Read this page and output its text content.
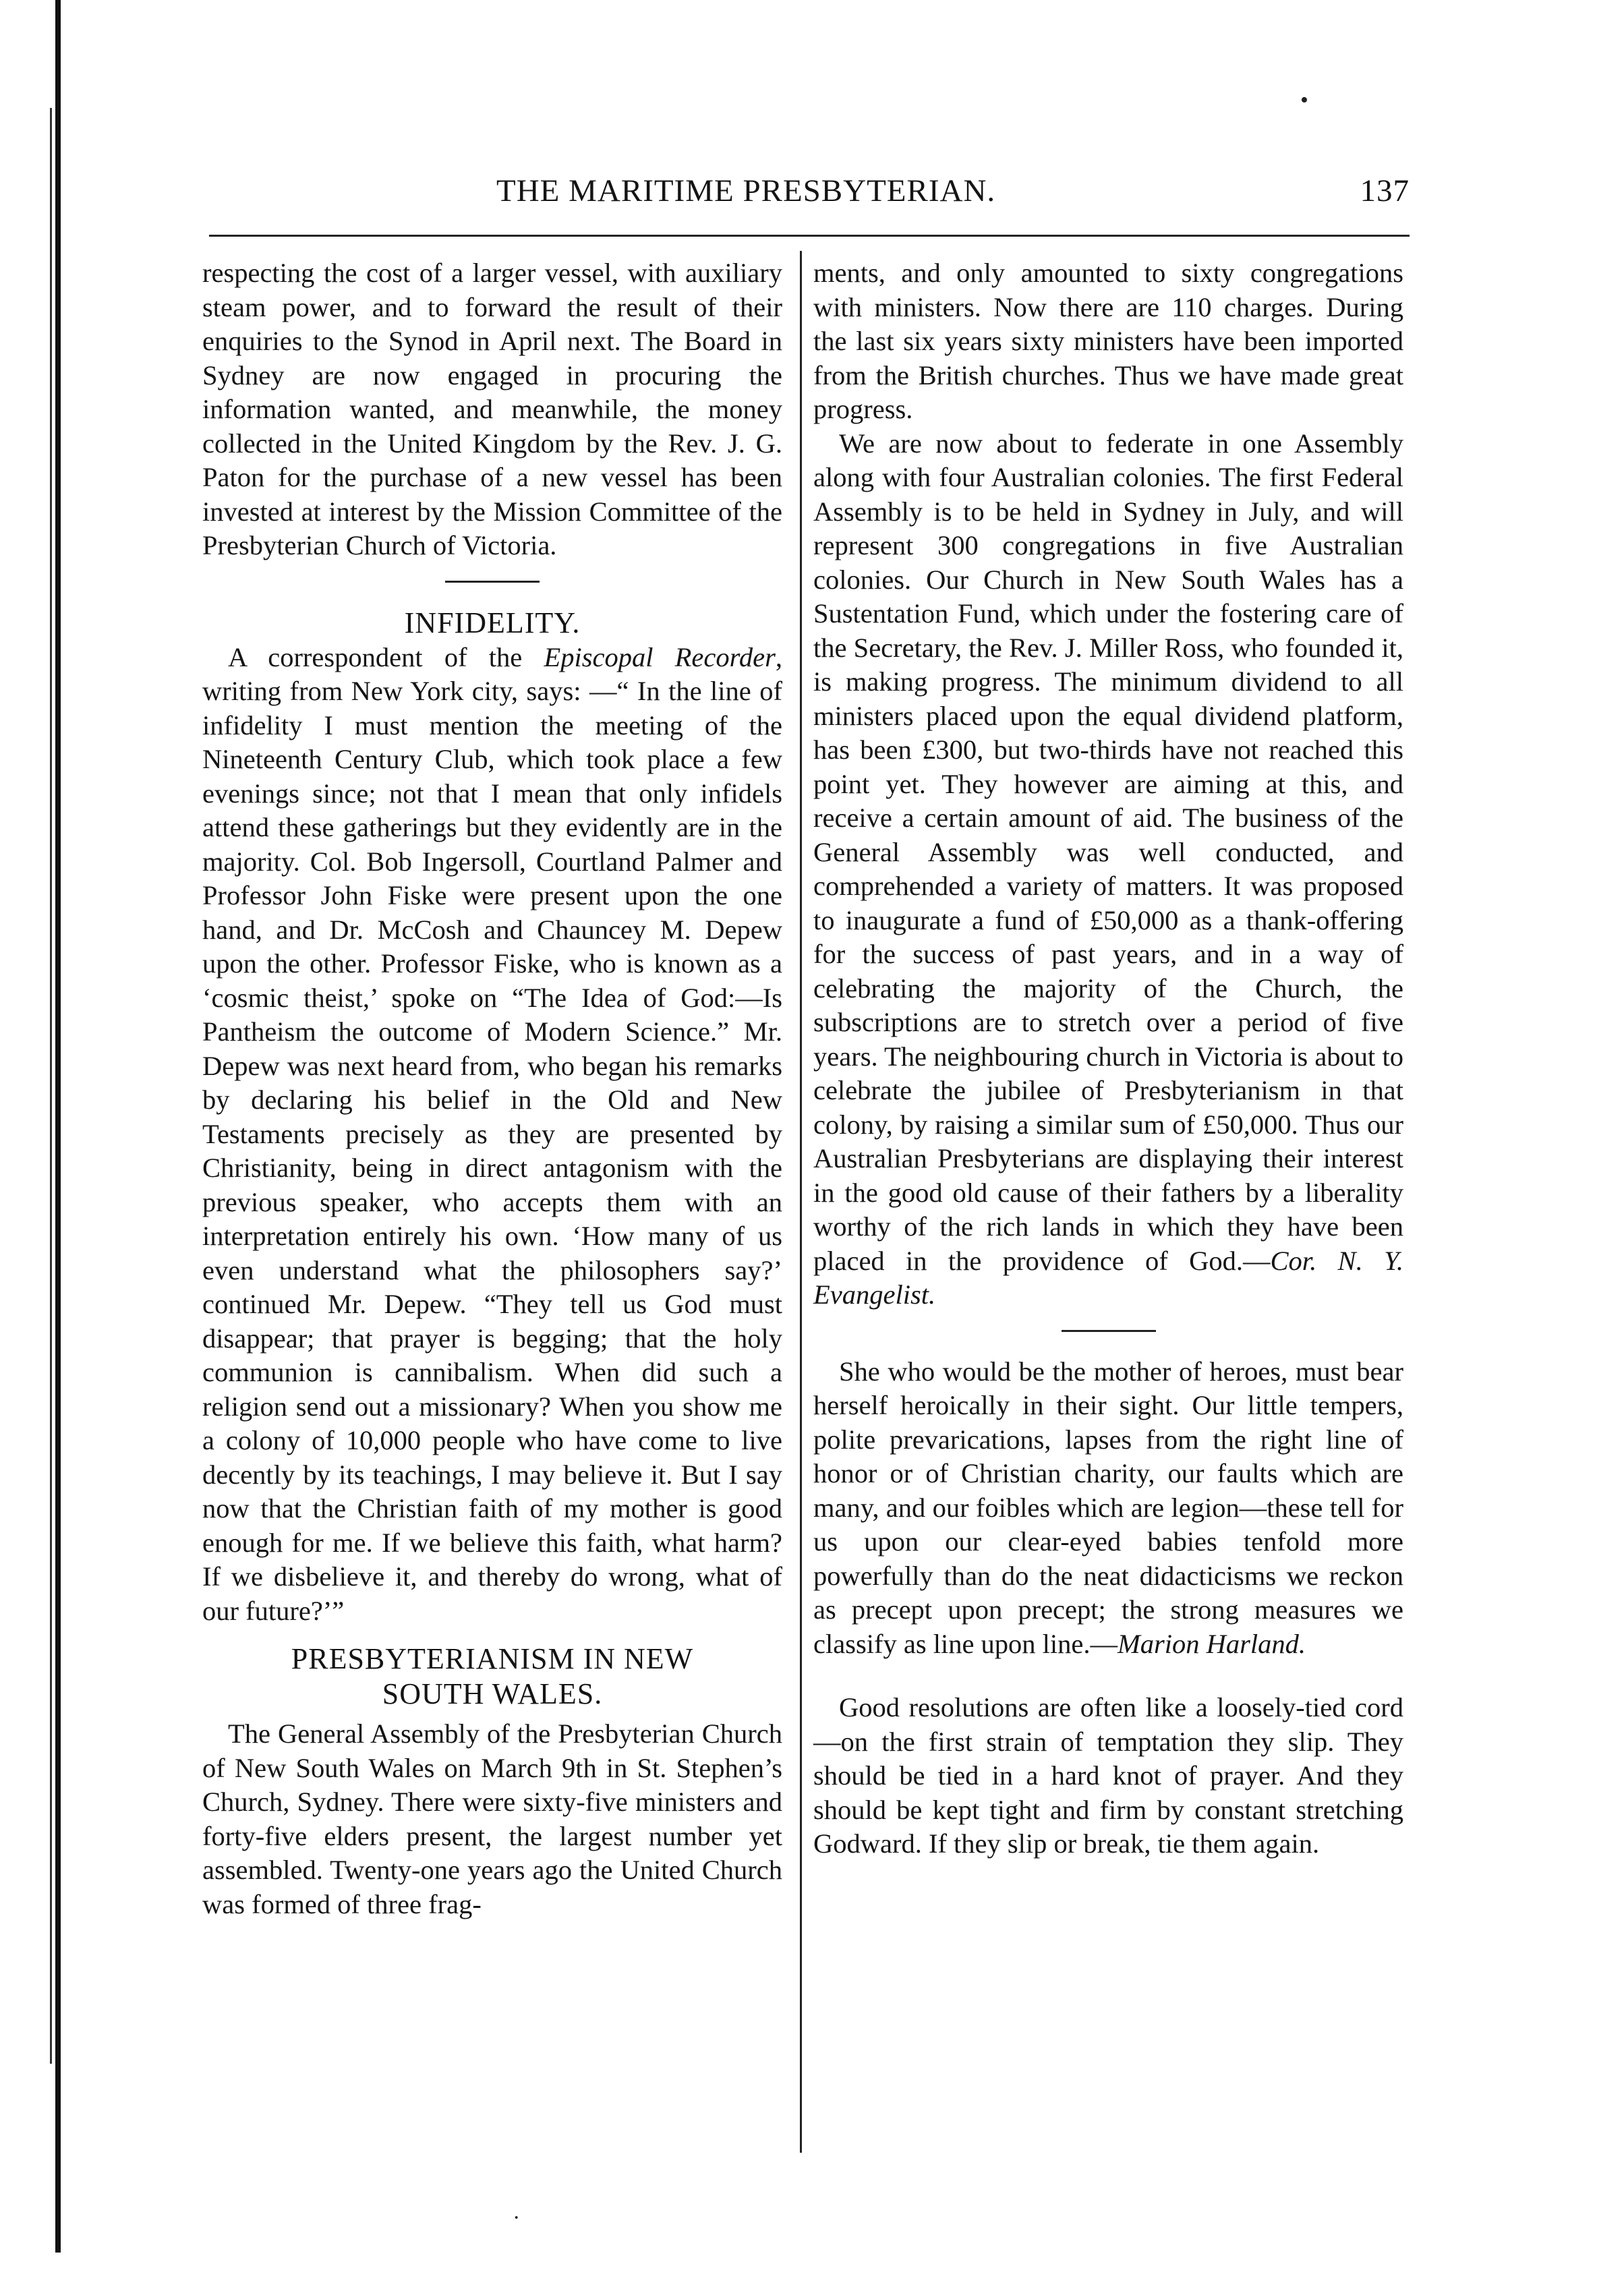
THE MARITIME PRESBYTERIAN.	137

respecting the cost of a larger vessel, with auxiliary steam power, and to forward the result of their enquiries to the Synod in April next. The Board in Sydney are now engaged in procuring the information wanted, and meanwhile, the money collected in the United Kingdom by the Rev. J. G. Paton for the purchase of a new vessel has been invested at interest by the Mission Committee of the Presbyterian Church of Victoria.

INFIDELITY.

A correspondent of the Episcopal Recorder, writing from New York city, says: —“ In the line of infidelity I must mention the meeting of the Nineteenth Century Club, which took place a few evenings since; not that I mean that only infidels attend these gatherings but they evidently are in the majority. Col. Bob Ingersoll, Courtland Palmer and Professor John Fiske were present upon the one hand, and Dr. McCosh and Chauncey M. Depew upon the other. Professor Fiske, who is known as a ‘cosmic theist,’ spoke on “The Idea of God:—Is Pantheism the outcome of Modern Science.” Mr. Depew was next heard from, who began his remarks by declaring his belief in the Old and New Testaments precisely as they are presented by Christianity, being in direct antagonism with the previous speaker, who accepts them with an interpretation entirely his own. ‘How many of us even understand what the philosophers say?’ continued Mr. Depew. “They tell us God must disappear; that prayer is begging; that the holy communion is cannibalism. When did such a religion send out a missionary? When you show me a colony of 10,000 people who have come to live decently by its teachings, I may believe it. But I say now that the Christian faith of my mother is good enough for me. If we believe this faith, what harm? If we disbelieve it, and thereby do wrong, what of our future?’”

PRESBYTERIANISM IN NEW

SOUTH WALES.

The General Assembly of the Presbyterian Church of New South Wales on March 9th in St. Stephen’s Church, Sydney. There were sixty-five ministers and forty-five elders present, the largest number yet assembled. Twenty-one years ago the United Church was formed of three frag-

ments, and only amounted to sixty congregations with ministers. Now there are 110 charges. During the last six years sixty ministers have been imported from the British churches. Thus we have made great progress.

We are now about to federate in one Assembly along with four Australian colonies. The first Federal Assembly is to be held in Sydney in July, and will represent 300 congregations in five Australian colonies. Our Church in New South Wales has a Sustentation Fund, which under the fostering care of the Secretary, the Rev. J. Miller Ross, who founded it, is making progress. The minimum dividend to all ministers placed upon the equal dividend platform, has been £300, but two-thirds have not reached this point yet. They however are aiming at this, and receive a certain amount of aid. The business of the General Assembly was well conducted, and comprehended a variety of matters. It was proposed to inaugurate a fund of £50,000 as a thank-offering for the success of past years, and in a way of celebrating the majority of the Church, the subscriptions are to stretch over a period of five years. The neighbouring church in Victoria is about to celebrate the jubilee of Presbyterianism in that colony, by raising a similar sum of £50,000. Thus our Australian Presbyterians are displaying their interest in the good old cause of their fathers by a liberality worthy of the rich lands in which they have been placed in the providence of God.—Cor. N. Y. Evangelist.

She who would be the mother of heroes, must bear herself heroically in their sight. Our little tempers, polite prevarications, lapses from the right line of honor or of Christian charity, our faults which are many, and our foibles which are legion—these tell for us upon our clear-eyed babies tenfold more powerfully than do the neat didacticisms we reckon as precept upon precept; the strong measures we classify as line upon line.—Marion Harland.

Good resolutions are often like a loosely-tied cord—on the first strain of temptation they slip. They should be tied in a hard knot of prayer. And they should be kept tight and firm by constant stretching Godward. If they slip or break, tie them again.

•
·
